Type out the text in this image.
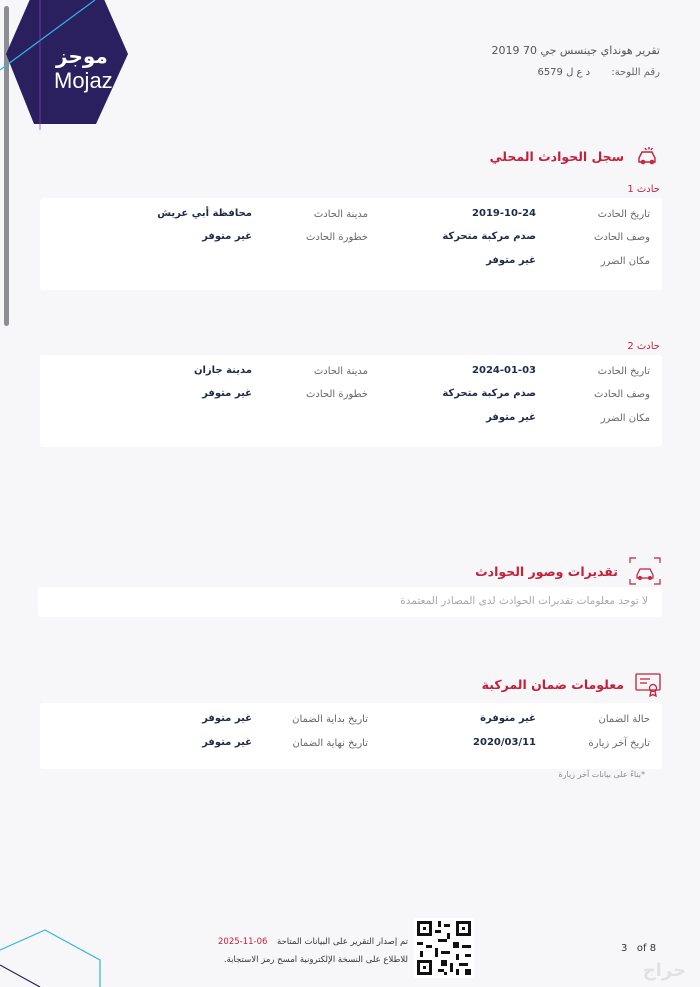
موجز
Mojaz
تقرير هونداي جينسس جي 70 2019
رقم اللوحة: د ع ل 6579
سجل الحوادث المحلي
حادث 1
تاريخ الحادث
2019-10-24
مدينة الحادث
محافظة أبي عريش
وصف الحادث
صدم مركبة متحركة
خطورة الحادث
غير متوفر
مكان الضرر
غير متوفر
حادث 2
تاريخ الحادث
2024-01-03
مدينة الحادث
مدينة جازان
وصف الحادث
صدم مركبة متحركة
خطورة الحادث
غير متوفر
مكان الضرر
غير متوفر
تقديرات وصور الحوادث
لا توجد معلومات تقديرات الحوادث لدى المصادر المعتمدة
معلومات ضمان المركبة
حالة الضمان
غير متوفرة
تاريخ بداية الضمان
غير متوفر
تاريخ آخر زيارة
2020/03/11
تاريخ نهاية الضمان
غير متوفر
*بناءً على بيانات آخر زيارة
تم إصدار التقرير على البيانات المتاحة
2025-11-06
للاطلاع على النسخة الإلكترونية امسح رمز الاستجابة.
3 of 8
حراج
